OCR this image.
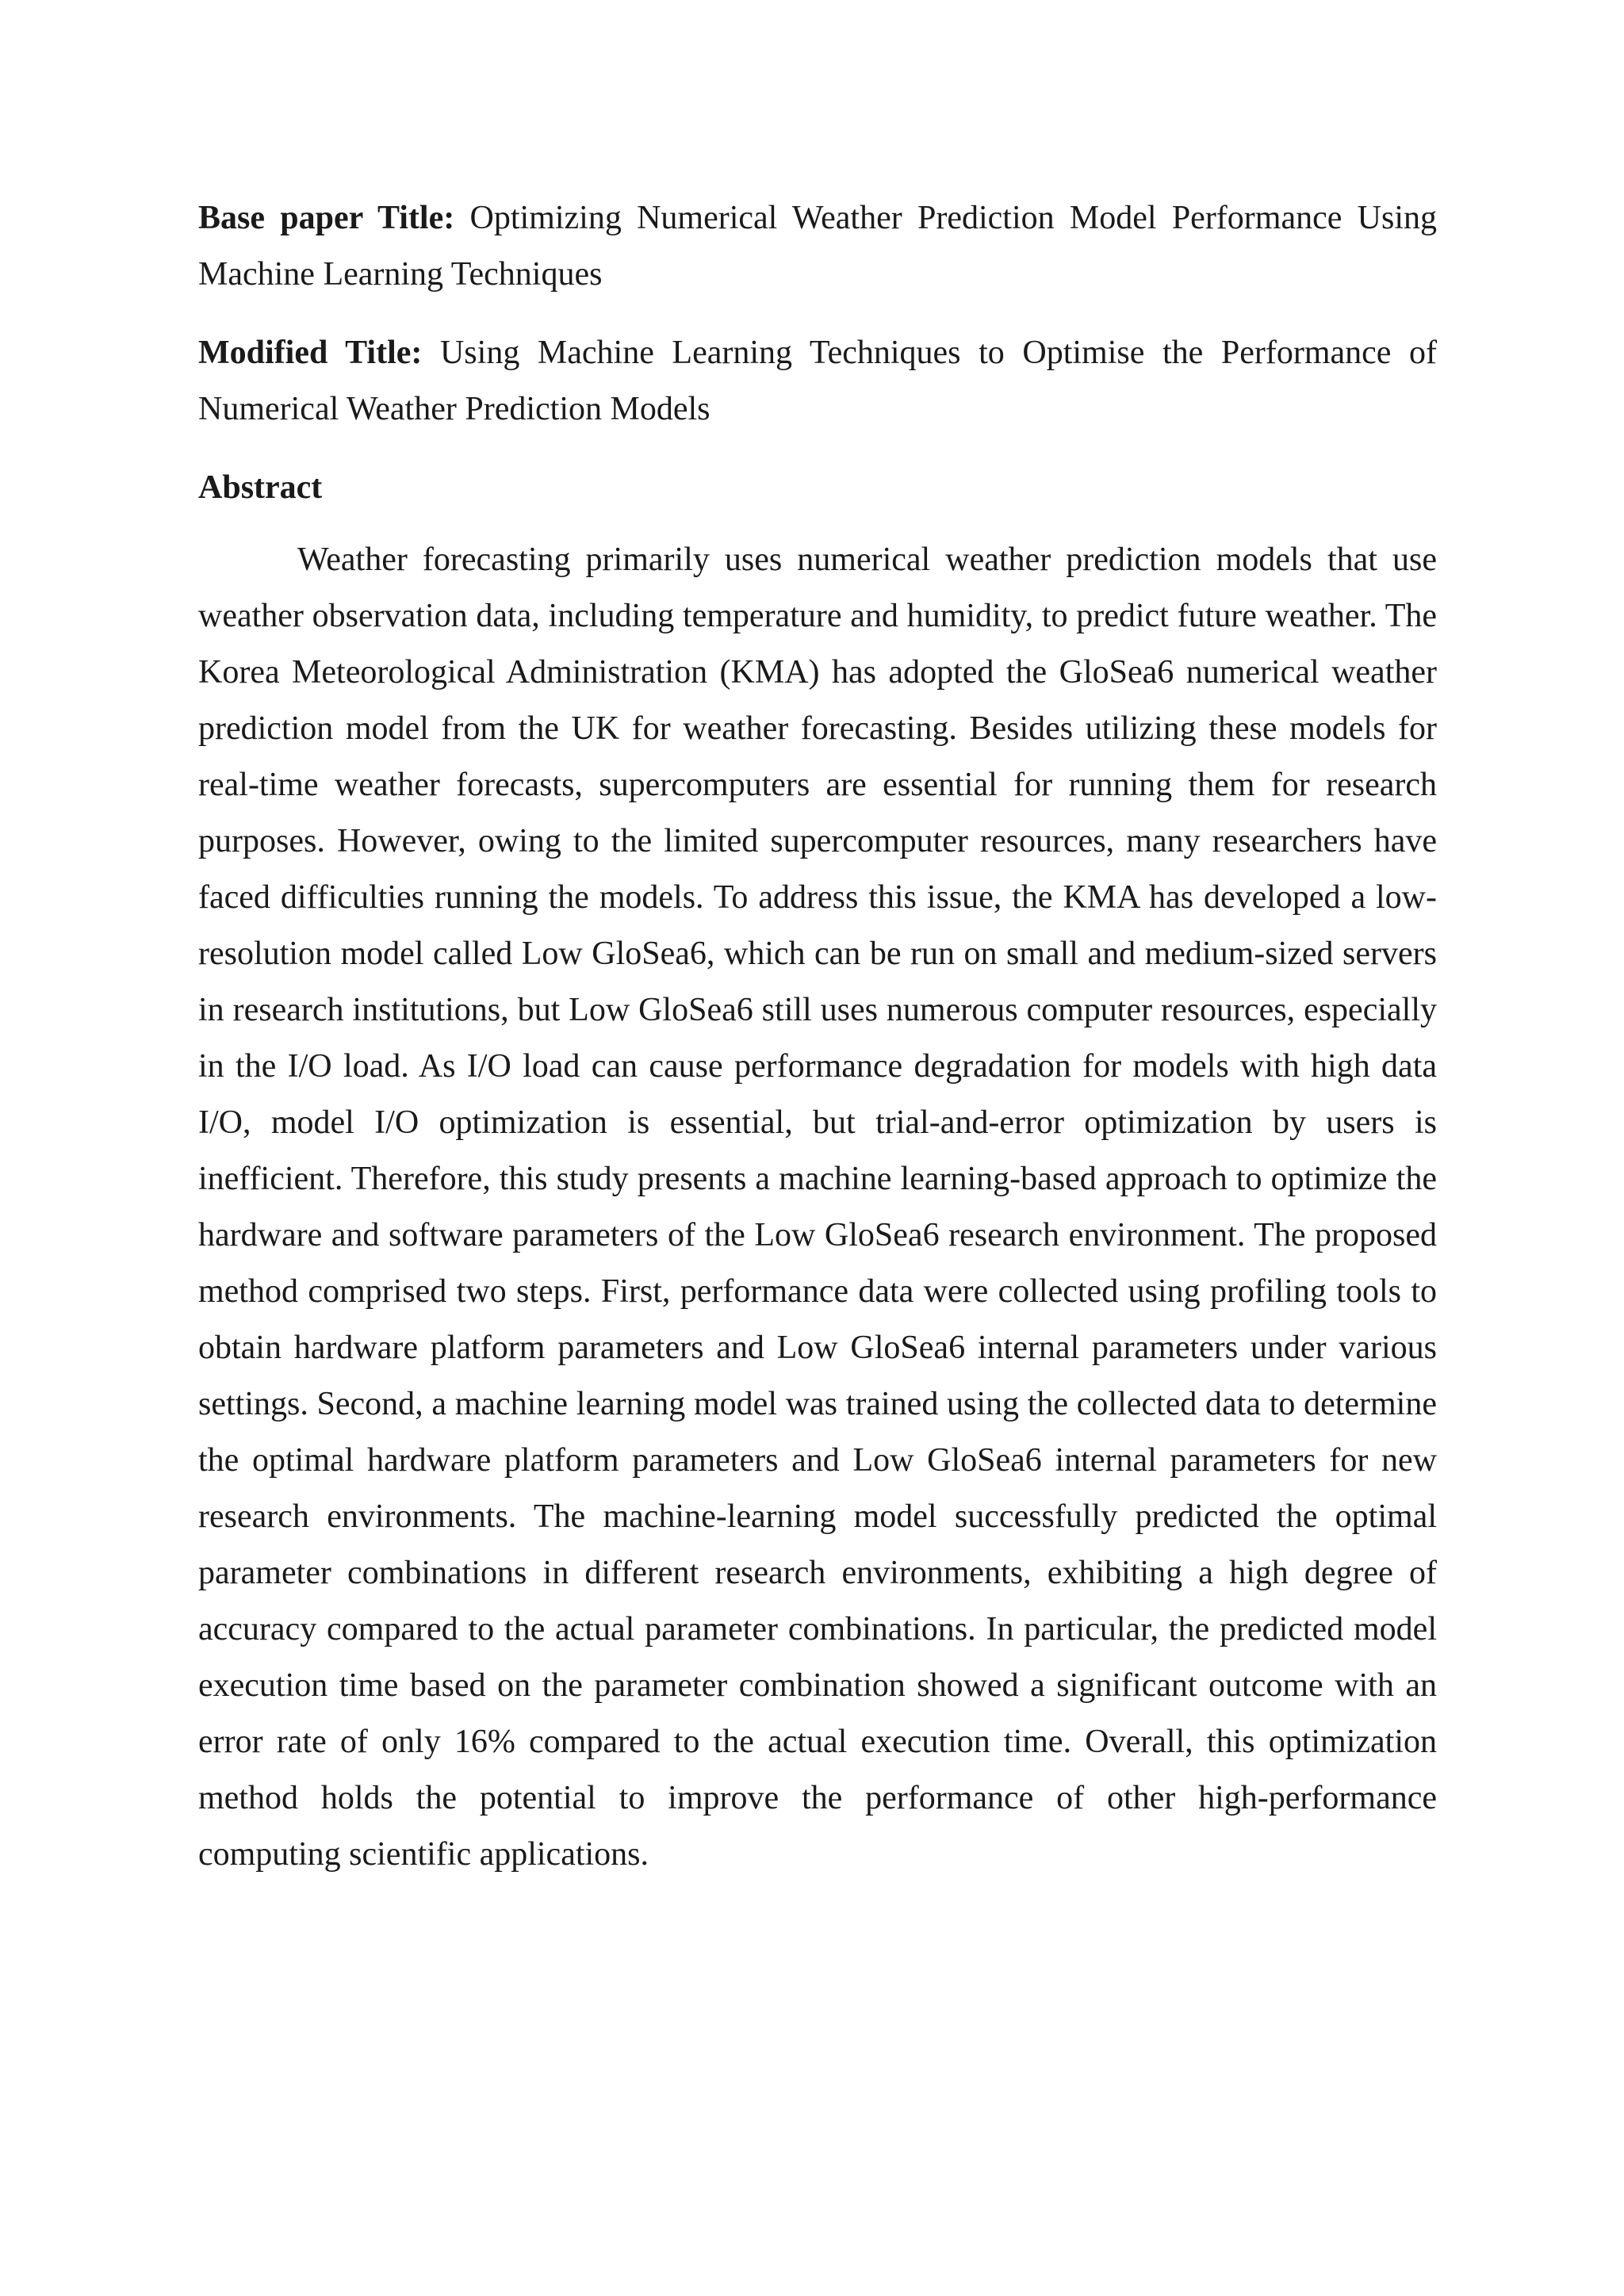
Base paper Title: Optimizing Numerical Weather Prediction Model Performance Using Machine Learning Techniques

Modified Title: Using Machine Learning Techniques to Optimise the Performance of Numerical Weather Prediction Models

Abstract

Weather forecasting primarily uses numerical weather prediction models that use weather observation data, including temperature and humidity, to predict future weather. The Korea Meteorological Administration (KMA) has adopted the GloSea6 numerical weather prediction model from the UK for weather forecasting. Besides utilizing these models for real-time weather forecasts, supercomputers are essential for running them for research purposes. However, owing to the limited supercomputer resources, many researchers have faced difficulties running the models. To address this issue, the KMA has developed a low-resolution model called Low GloSea6, which can be run on small and medium-sized servers in research institutions, but Low GloSea6 still uses numerous computer resources, especially in the I/O load. As I/O load can cause performance degradation for models with high data I/O, model I/O optimization is essential, but trial-and-error optimization by users is inefficient. Therefore, this study presents a machine learning-based approach to optimize the hardware and software parameters of the Low GloSea6 research environment. The proposed method comprised two steps. First, performance data were collected using profiling tools to obtain hardware platform parameters and Low GloSea6 internal parameters under various settings. Second, a machine learning model was trained using the collected data to determine the optimal hardware platform parameters and Low GloSea6 internal parameters for new research environments. The machine-learning model successfully predicted the optimal parameter combinations in different research environments, exhibiting a high degree of accuracy compared to the actual parameter combinations. In particular, the predicted model execution time based on the parameter combination showed a significant outcome with an error rate of only 16% compared to the actual execution time. Overall, this optimization method holds the potential to improve the performance of other high-performance computing scientific applications.
